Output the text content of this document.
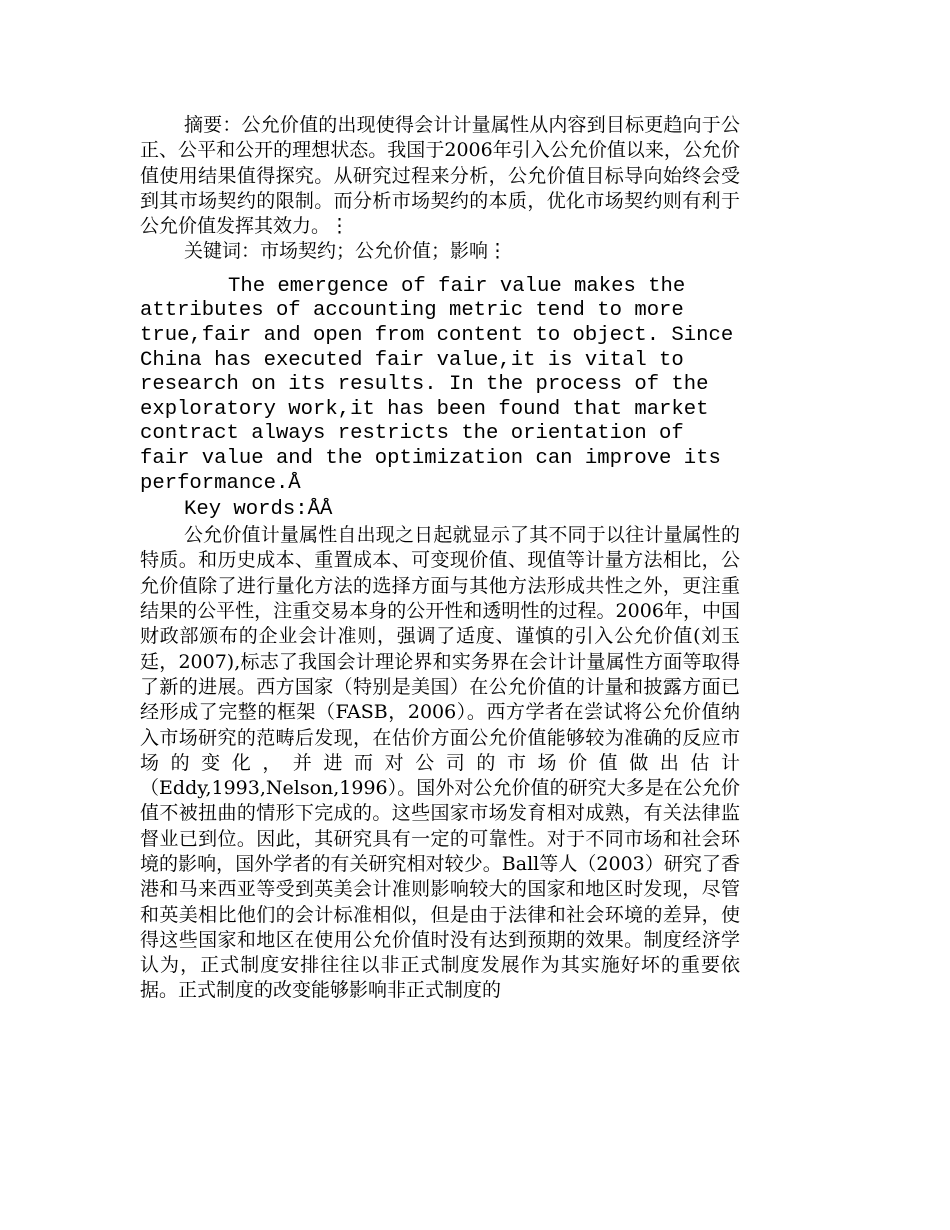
摘要：公允价值的出现使得会计计量属性从内容到目标更趋向于公正、公平和公开的理想状态。我国于2006年引入公允价值以来，公允价值使用结果值得探究。从研究过程来分析，公允价值目标导向始终会受到其市场契约的限制。而分析市场契约的本质，优化市场契约则有利于公允价值发挥其效力。⋮

关键词：市场契约；公允价值；影响⋮

The emergence of fair value makes the attributes of accounting metric tend to more true,fair and open from content to object. Since China has executed fair value,it is vital to research on its results. In the process of the exploratory work,it has been found that market contract always restricts the orientation of fair value and the optimization can improve its performance.Å

Key words:ÅÅ

公允价值计量属性自出现之日起就显示了其不同于以往计量属性的特质。和历史成本、重置成本、可变现价值、现值等计量方法相比，公允价值除了进行量化方法的选择方面与其他方法形成共性之外，更注重结果的公平性，注重交易本身的公开性和透明性的过程。2006年，中国财政部颁布的企业会计准则，强调了适度、谨慎的引入公允价值(刘玉廷，2007),标志了我国会计理论界和实务界在会计计量属性方面等取得了新的进展。西方国家（特别是美国）在公允价值的计量和披露方面已经形成了完整的框架（FASB，2006）。西方学者在尝试将公允价值纳入市场研究的范畴后发现，在估价方面公允价值能够较为准确的反应市场的变化，并进而对公司的市场价值做出估计（Eddy,1993,Nelson,1996）。国外对公允价值的研究大多是在公允价值不被扭曲的情形下完成的。这些国家市场发育相对成熟，有关法律监督业已到位。因此，其研究具有一定的可靠性。对于不同市场和社会环境的影响，国外学者的有关研究相对较少。Ball等人（2003）研究了香港和马来西亚等受到英美会计准则影响较大的国家和地区时发现，尽管和英美相比他们的会计标准相似，但是由于法律和社会环境的差异，使得这些国家和地区在使用公允价值时没有达到预期的效果。制度经济学认为，正式制度安排往往以非正式制度发展作为其实施好坏的重要依据。正式制度的改变能够影响非正式制度的
